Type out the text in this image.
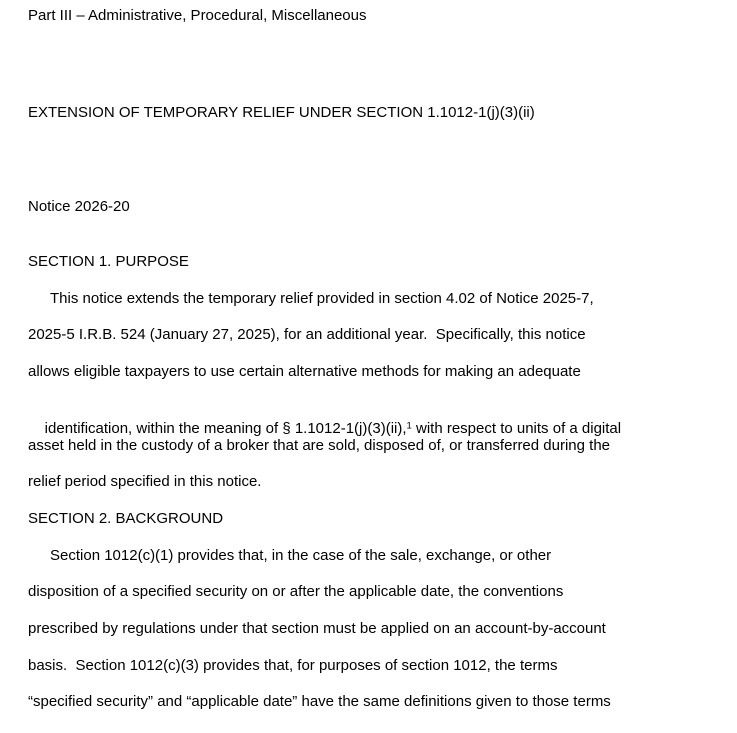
Part III – Administrative, Procedural, Miscellaneous
EXTENSION OF TEMPORARY RELIEF UNDER SECTION 1.1012-1(j)(3)(ii)
Notice 2026-20
SECTION 1. PURPOSE
This notice extends the temporary relief provided in section 4.02 of Notice 2025-7,
2025-5 I.R.B. 524 (January 27, 2025), for an additional year.  Specifically, this notice
allows eligible taxpayers to use certain alternative methods for making an adequate

identification, within the meaning of § 1.1012-1(j)(3)(ii),$^1$ with respect to units of a digital

asset held in the custody of a broker that are sold, disposed of, or transferred during the
relief period specified in this notice.
SECTION 2. BACKGROUND
Section 1012(c)(1) provides that, in the case of the sale, exchange, or other
disposition of a specified security on or after the applicable date, the conventions
prescribed by regulations under that section must be applied on an account-by-account
basis.  Section 1012(c)(3) provides that, for purposes of section 1012, the terms
“specified security” and “applicable date” have the same definitions given to those terms
